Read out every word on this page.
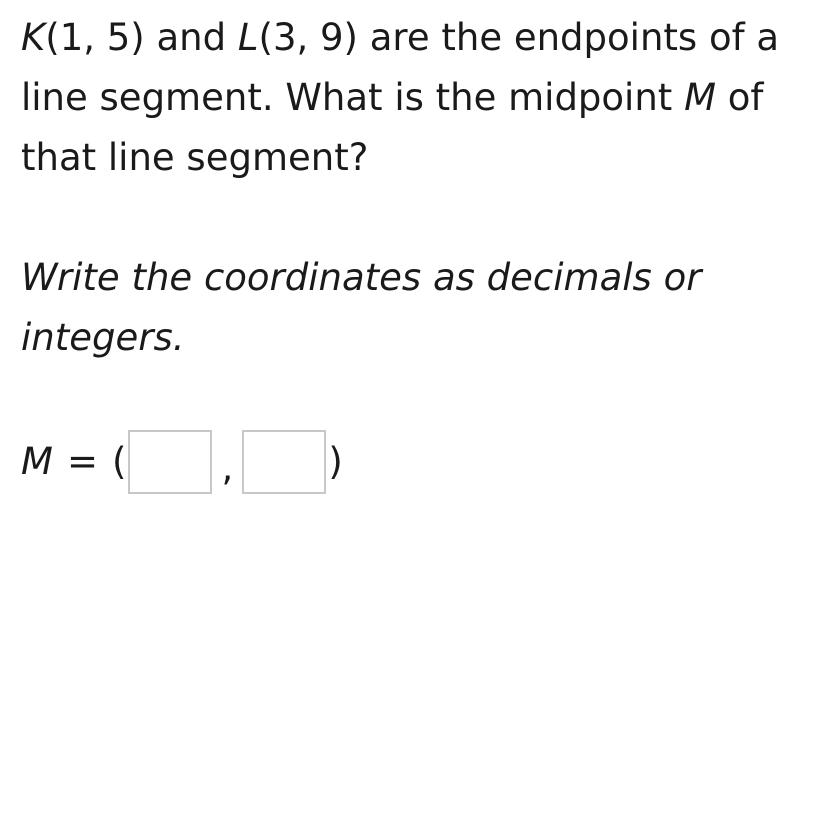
K(1, 5) and L(3, 9) are the endpoints of a line segment. What is the midpoint M of that line segment?

Write the coordinates as decimals or integers.

M = (	,	)
